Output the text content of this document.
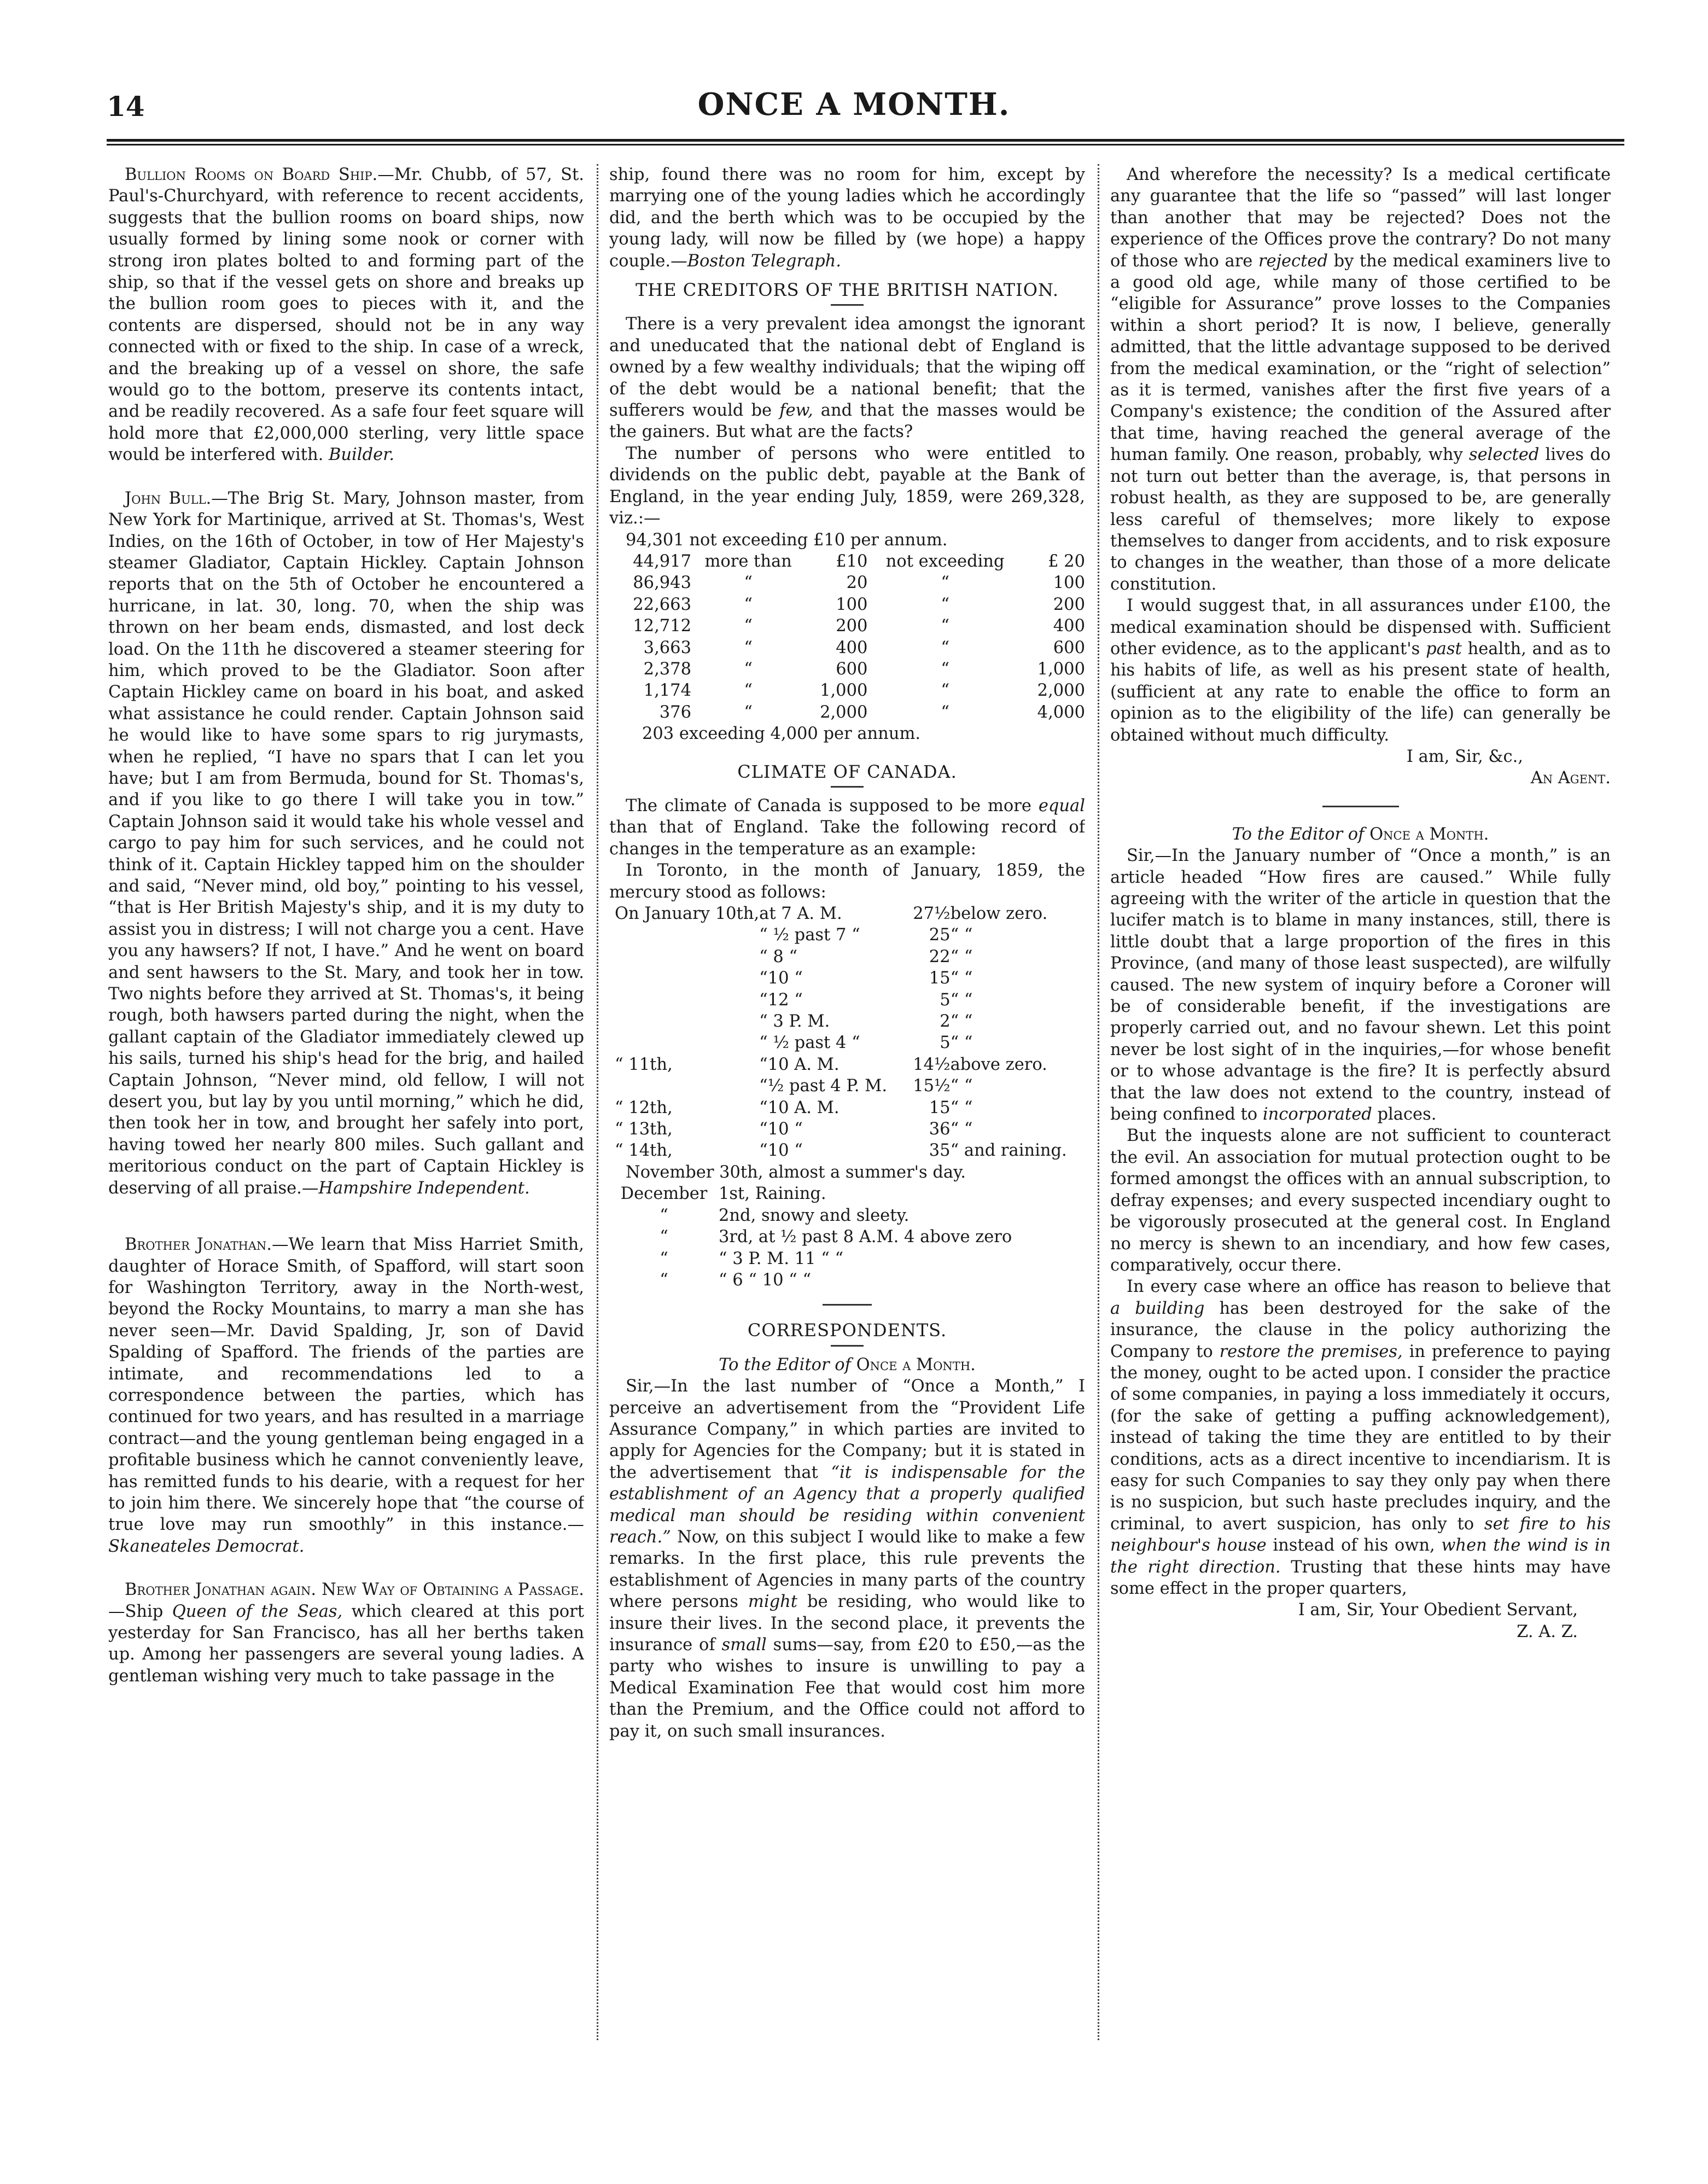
14	ONCE A MONTH.

Bullion Rooms on Board Ship.—Mr. Chubb, of 57, St. Paul's-Churchyard, with reference to recent accidents, suggests that the bullion rooms on board ships, now usually formed by lining some nook or corner with strong iron plates bolted to and forming part of the ship, so that if the vessel gets on shore and breaks up the bullion room goes to pieces with it, and the contents are dispersed, should not be in any way connected with or fixed to the ship. In case of a wreck, and the breaking up of a vessel on shore, the safe would go to the bottom, preserve its contents intact, and be readily recovered. As a safe four feet square will hold more that £2,000,000 sterling, very little space would be interfered with. Builder.

John Bull.—The Brig St. Mary, Johnson master, from New York for Martinique, arrived at St. Thomas's, West Indies, on the 16th of October, in tow of Her Majesty's steamer Gladiator, Captain Hickley. Captain Johnson reports that on the 5th of October he encountered a hurricane, in lat. 30, long. 70, when the ship was thrown on her beam ends, dismasted, and lost deck load. On the 11th he discovered a steamer steering for him, which proved to be the Gladiator. Soon after Captain Hickley came on board in his boat, and asked what assistance he could render. Captain Johnson said he would like to have some spars to rig jurymasts, when he replied, “I have no spars that I can let you have; but I am from Bermuda, bound for St. Thomas's, and if you like to go there I will take you in tow.” Captain Johnson said it would take his whole vessel and cargo to pay him for such services, and he could not think of it. Captain Hickley tapped him on the shoulder and said, “Never mind, old boy,” pointing to his vessel, “that is Her British Majesty's ship, and it is my duty to assist you in distress; I will not charge you a cent. Have you any hawsers? If not, I have.” And he went on board and sent hawsers to the St. Mary, and took her in tow. Two nights before they arrived at St. Thomas's, it being rough, both hawsers parted during the night, when the gallant captain of the Gladiator immediately clewed up his sails, turned his ship's head for the brig, and hailed Captain Johnson, “Never mind, old fellow, I will not desert you, but lay by you until morning,” which he did, then took her in tow, and brought her safely into port, having towed her nearly 800 miles. Such gallant and meritorious conduct on the part of Captain Hickley is deserving of all praise.—Hampshire Independent.

Brother Jonathan.—We learn that Miss Harriet Smith, daughter of Horace Smith, of Spafford, will start soon for Washington Territory, away in the North-west, beyond the Rocky Mountains, to marry a man she has never seen—Mr. David Spalding, Jr, son of David Spalding of Spafford. The friends of the parties are intimate, and recommendations led to a correspondence between the parties, which has continued for two years, and has resulted in a marriage contract—and the young gentleman being engaged in a profitable business which he cannot conveniently leave, has remitted funds to his dearie, with a request for her to join him there. We sincerely hope that “the course of true love may run smoothly” in this instance.—Skaneateles Democrat.

Brother Jonathan again. New Way of Obtaining a Passage.—Ship Queen of the Seas, which cleared at this port yesterday for San Francisco, has all her berths taken up. Among her passengers are several young ladies. A gentleman wishing very much to take passage in the

ship, found there was no room for him, except by marrying one of the young ladies which he accordingly did, and the berth which was to be occupied by the young lady, will now be filled by (we hope) a happy couple.—Boston Telegraph.

THE CREDITORS OF THE BRITISH NATION.

There is a very prevalent idea amongst the ignorant and uneducated that the national debt of England is owned by a few wealthy individuals; that the wiping off of the debt would be a national benefit; that the sufferers would be few, and that the masses would be the gainers. But what are the facts?

The number of persons who were entitled to dividends on the public debt, payable at the Bank of England, in the year ending July, 1859, were 269,328, viz.:—

94,301 not exceeding £10 per annum.

44,917	more than	£10	not exceeding	£ 20
86,943	“	20	“	100
22,663	“	100	“	200
12,712	“	200	“	400
3,663	“	400	“	600
2,378	“	600	“	1,000
1,174	“	1,000	“	2,000
376	“	2,000	“	4,000

203 exceeding 4,000 per annum.

CLIMATE OF CANADA.

The climate of Canada is supposed to be more equal than that of England. Take the following record of changes in the temperature as an example:

In Toronto, in the month of January, 1859, the mercury stood as follows:

On January 10th,	at 7 A. M.	27½	below zero.
	“ ½ past 7 “	25	“ “
	“ 8 “	22	“ “
	“10 “	15	“ “
	“12 “	5	“ “
	“ 3 P. M.	2	“ “
	“ ½ past 4 “	5	“ “
“ 11th,	“10 A. M.	14½	above zero.
	“½ past 4 P. M.	15½	“ “
“ 12th,	“10 A. M.	15	“ “
“ 13th,	“10 “	36	“ “
“ 14th,	“10 “	35	“ and raining.

November 30th, almost a summer's day.

December	1st, Raining.
“	2nd, snowy and sleety.
“	3rd, at ½ past 8 A.M. 4 above zero
“	“ 3 P. M. 11 “ “
“	“ 6 “ 10 “ “
CORRESPONDENTS.

To the Editor of Once a Month.

Sir,—In the last number of “Once a Month,” I perceive an advertisement from the “Provident Life Assurance Company,” in which parties are invited to apply for Agencies for the Company; but it is stated in the advertisement that “it is indispensable for the establishment of an Agency that a properly qualified medical man should be residing within convenient reach.” Now, on this subject I would like to make a few remarks. In the first place, this rule prevents the establishment of Agencies in many parts of the country where persons might be residing, who would like to insure their lives. In the second place, it prevents the insurance of small sums—say, from £20 to £50,—as the party who wishes to insure is unwilling to pay a Medical Examination Fee that would cost him more than the Premium, and the Office could not afford to pay it, on such small insurances.

And wherefore the necessity? Is a medical certificate any guarantee that the life so “passed” will last longer than another that may be rejected? Does not the experience of the Offices prove the contrary? Do not many of those who are rejected by the medical examiners live to a good old age, while many of those certified to be “eligible for Assurance” prove losses to the Companies within a short period? It is now, I believe, generally admitted, that the little advantage supposed to be derived from the medical examination, or the “right of selection” as it is termed, vanishes after the first five years of a Company's existence; the condition of the Assured after that time, having reached the general average of the human family. One reason, probably, why selected lives do not turn out better than the average, is, that persons in robust health, as they are supposed to be, are generally less careful of themselves; more likely to expose themselves to danger from accidents, and to risk exposure to changes in the weather, than those of a more delicate constitution.

I would suggest that, in all assurances under £100, the medical examination should be dispensed with. Sufficient other evidence, as to the applicant's past health, and as to his habits of life, as well as his present state of health, (sufficient at any rate to enable the office to form an opinion as to the eligibility of the life) can generally be obtained without much difficulty.

I am, Sir, &c.,

An Agent.

To the Editor of Once a Month.

Sir,—In the January number of “Once a month,” is an article headed “How fires are caused.” While fully agreeing with the writer of the article in question that the lucifer match is to blame in many instances, still, there is little doubt that a large proportion of the fires in this Province, (and many of those least suspected), are wilfully caused. The new system of inquiry before a Coroner will be of considerable benefit, if the investigations are properly carried out, and no favour shewn. Let this point never be lost sight of in the inquiries,—for whose benefit or to whose advantage is the fire? It is perfectly absurd that the law does not extend to the country, instead of being confined to incorporated places.

But the inquests alone are not sufficient to counteract the evil. An association for mutual protection ought to be formed amongst the offices with an annual subscription, to defray expenses; and every suspected incendiary ought to be vigorously prosecuted at the general cost. In England no mercy is shewn to an incendiary, and how few cases, comparatively, occur there.

In every case where an office has reason to believe that a building has been destroyed for the sake of the insurance, the clause in the policy authorizing the Company to restore the premises, in preference to paying the money, ought to be acted upon. I consider the practice of some companies, in paying a loss immediately it occurs, (for the sake of getting a puffing acknowledgement), instead of taking the time they are entitled to by their conditions, acts as a direct incentive to incendiarism. It is easy for such Companies to say they only pay when there is no suspicion, but such haste precludes inquiry, and the criminal, to avert suspicion, has only to set fire to his neighbour's house instead of his own, when the wind is in the right direction. Trusting that these hints may have some effect in the proper quarters,

I am, Sir, Your Obedient Servant,

Z. A. Z.
